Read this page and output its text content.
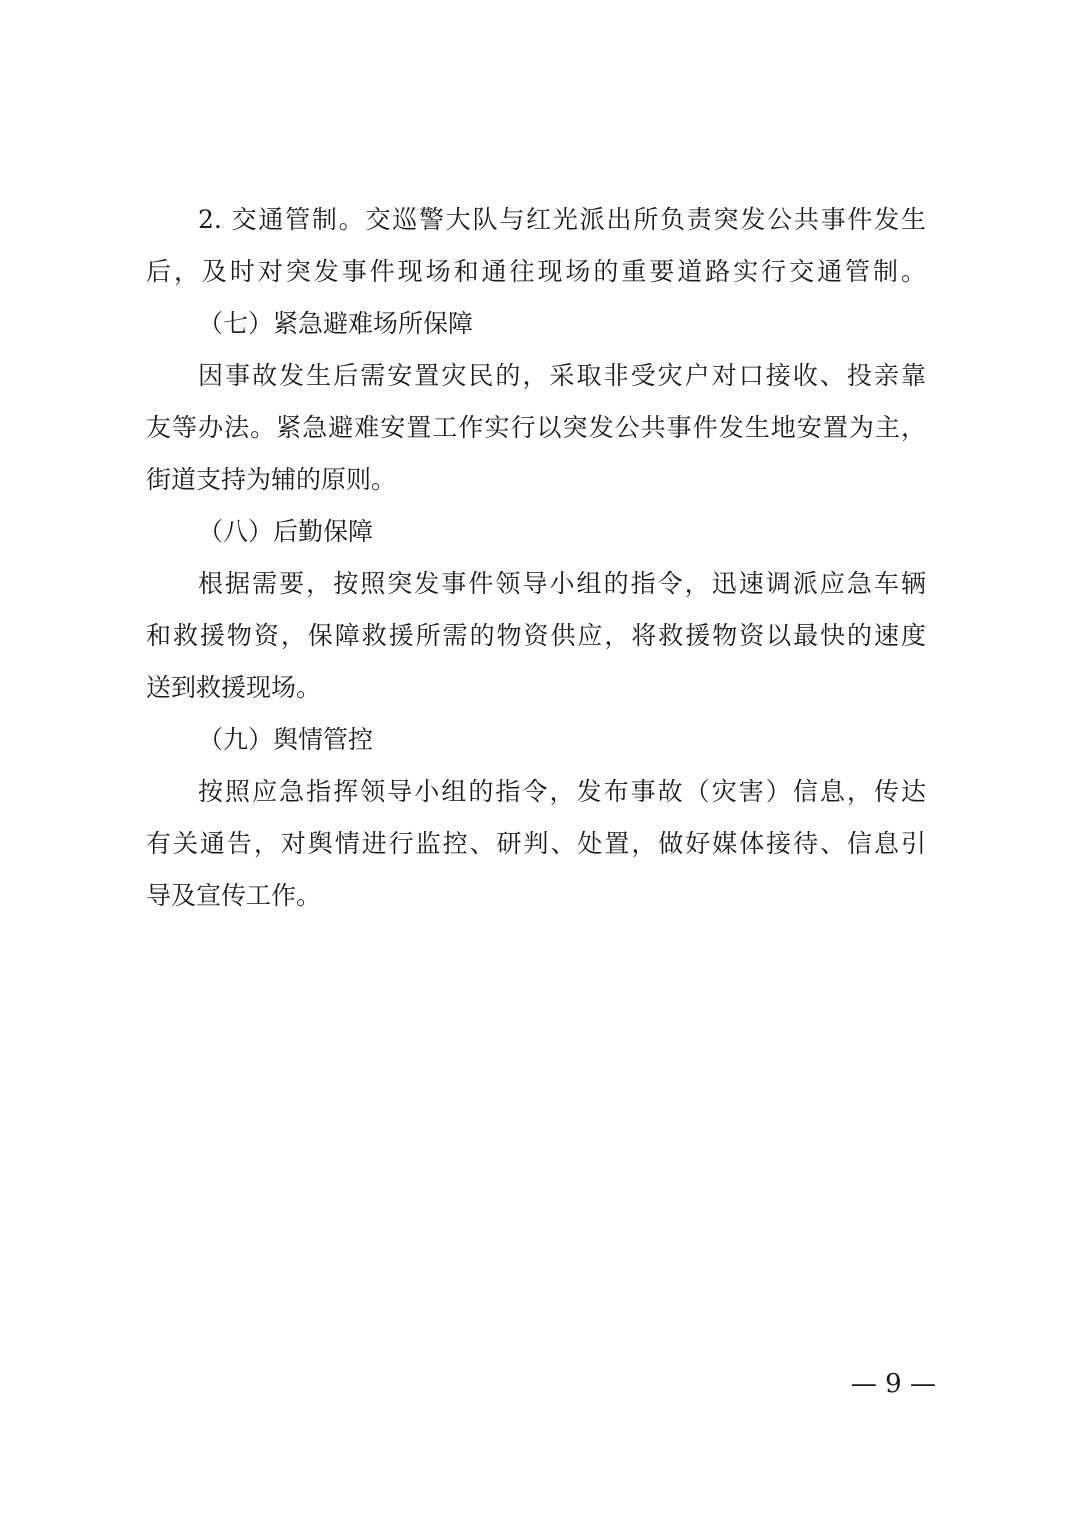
2. 交通管制。交巡警大队与红光派出所负责突发公共事件发生
后，及时对突发事件现场和通往现场的重要道路实行交通管制。
（七）紧急避难场所保障
因事故发生后需安置灾民的，采取非受灾户对口接收、投亲靠
友等办法。紧急避难安置工作实行以突发公共事件发生地安置为主，
街道支持为辅的原则。
（八）后勤保障
根据需要，按照突发事件领导小组的指令，迅速调派应急车辆
和救援物资，保障救援所需的物资供应，将救援物资以最快的速度
送到救援现场。
（九）舆情管控
按照应急指挥领导小组的指令，发布事故（灾害）信息，传达
有关通告，对舆情进行监控、研判、处置，做好媒体接待、信息引
导及宣传工作。
— 9 —
